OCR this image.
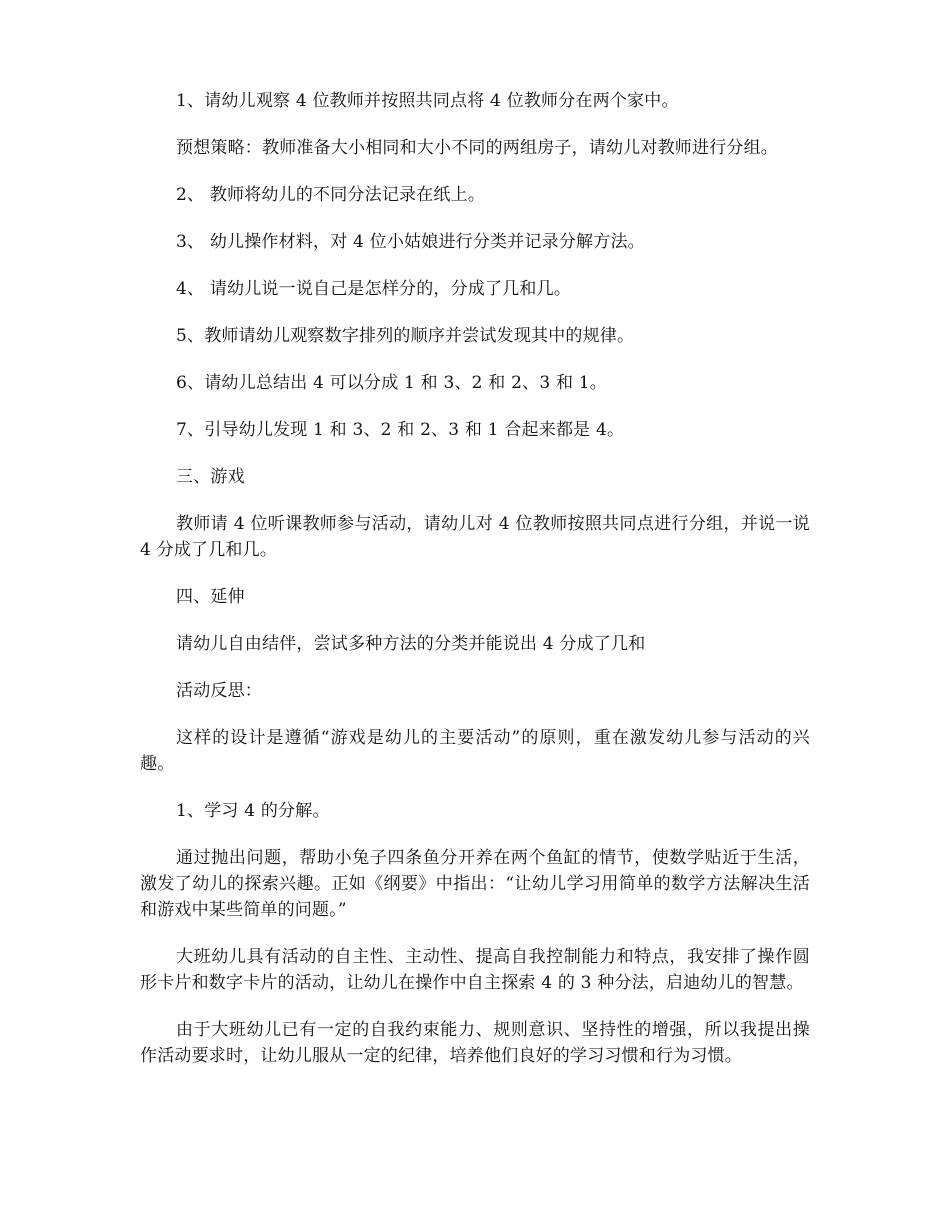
1、请幼儿观察 4 位教师并按照共同点将 4 位教师分在两个家中。

预想策略：教师准备大小相同和大小不同的两组房子，请幼儿对教师进行分组。

2、 教师将幼儿的不同分法记录在纸上。

3、 幼儿操作材料，对 4 位小姑娘进行分类并记录分解方法。

4、 请幼儿说一说自己是怎样分的，分成了几和几。

5、教师请幼儿观察数字排列的顺序并尝试发现其中的规律。

6、请幼儿总结出 4 可以分成 1 和 3、2 和 2、3 和 1。

7、引导幼儿发现 1 和 3、2 和 2、3 和 1 合起来都是 4。

三、游戏

教师请 4 位听课教师参与活动，请幼儿对 4 位教师按照共同点进行分组，并说一说 4 分成了几和几。

四、延伸

请幼儿自由结伴，尝试多种方法的分类并能说出 4 分成了几和

活动反思：

这样的设计是遵循“游戏是幼儿的主要活动”的原则，重在激发幼儿参与活动的兴趣。

1、学习 4 的分解。

通过抛出问题，帮助小兔子四条鱼分开养在两个鱼缸的情节，使数学贴近于生活，激发了幼儿的探索兴趣。正如《纲要》中指出：“让幼儿学习用简单的数学方法解决生活和游戏中某些简单的问题。”

大班幼儿具有活动的自主性、主动性、提高自我控制能力和特点，我安排了操作圆形卡片和数字卡片的活动，让幼儿在操作中自主探索 4 的 3 种分法，启迪幼儿的智慧。

由于大班幼儿已有一定的自我约束能力、规则意识、坚持性的增强，所以我提出操作活动要求时，让幼儿服从一定的纪律，培养他们良好的学习习惯和行为习惯。
